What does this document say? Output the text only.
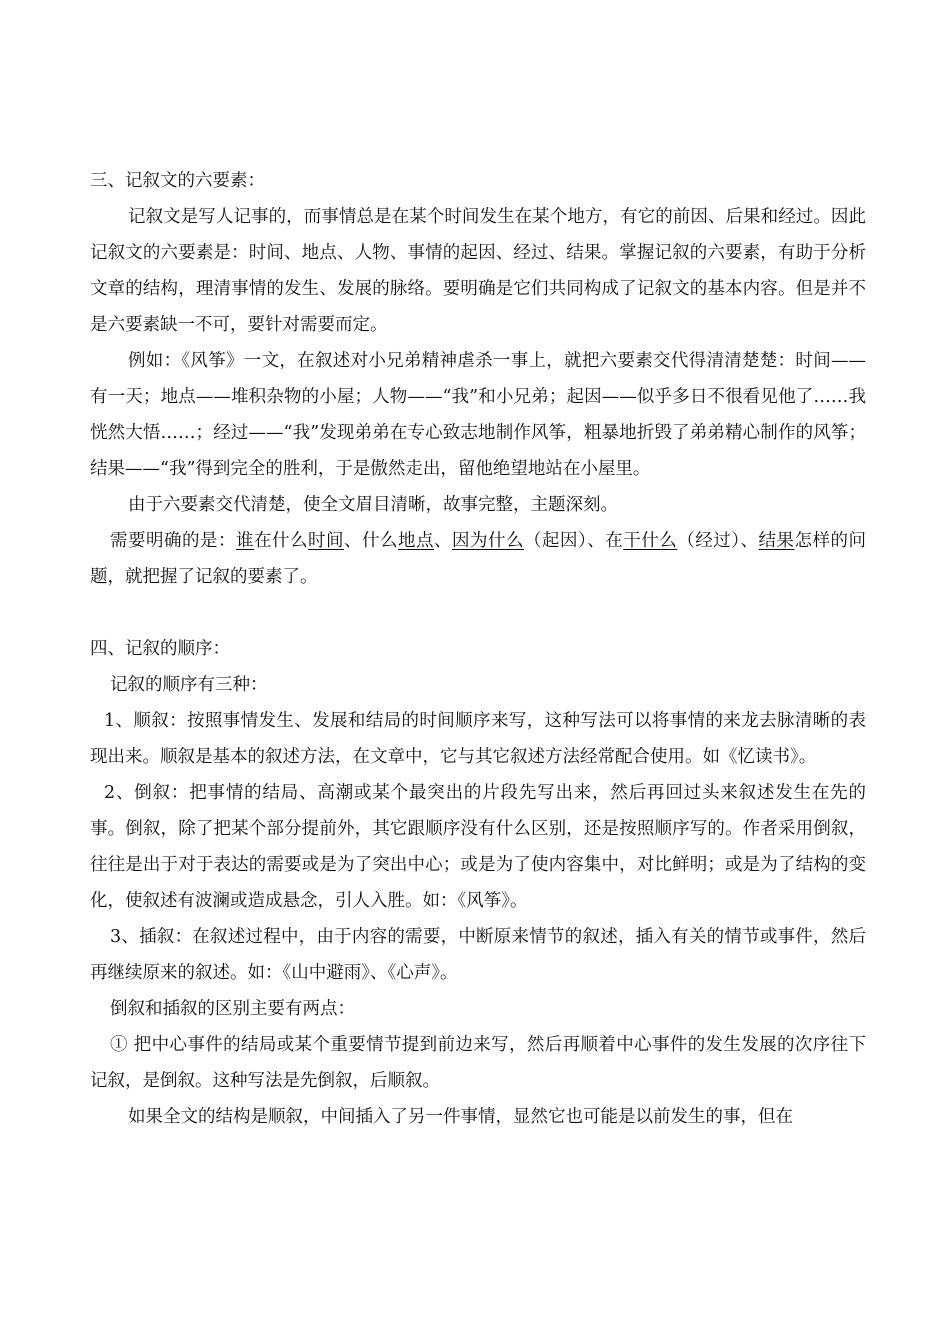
三、记叙文的六要素：

记叙文是写人记事的，而事情总是在某个时间发生在某个地方，有它的前因、后果和经过。因此记叙文的六要素是：时间、地点、人物、事情的起因、经过、结果。掌握记叙的六要素，有助于分析文章的结构，理清事情的发生、发展的脉络。要明确是它们共同构成了记叙文的基本内容。但是并不是六要素缺一不可，要针对需要而定。

例如：《风筝》一文，在叙述对小兄弟精神虐杀一事上，就把六要素交代得清清楚楚：时间——有一天；地点——堆积杂物的小屋；人物——“我”和小兄弟；起因——似乎多日不很看见他了……我恍然大悟……；经过——“我”发现弟弟在专心致志地制作风筝，粗暴地折毁了弟弟精心制作的风筝；结果——“我”得到完全的胜利，于是傲然走出，留他绝望地站在小屋里。

由于六要素交代清楚，使全文眉目清晰，故事完整，主题深刻。

需要明确的是：谁在什么时间、什么地点、因为什么（起因）、在干什么（经过）、结果怎样的问题，就把握了记叙的要素了。

四、记叙的顺序：

记叙的顺序有三种：

1、顺叙：按照事情发生、发展和结局的时间顺序来写，这种写法可以将事情的来龙去脉清晰的表现出来。顺叙是基本的叙述方法，在文章中，它与其它叙述方法经常配合使用。如《忆读书》。

2、倒叙：把事情的结局、高潮或某个最突出的片段先写出来，然后再回过头来叙述发生在先的事。倒叙，除了把某个部分提前外，其它跟顺序没有什么区别，还是按照顺序写的。作者采用倒叙，往往是出于对于表达的需要或是为了突出中心；或是为了使内容集中，对比鲜明；或是为了结构的变化，使叙述有波澜或造成悬念，引人入胜。如：《风筝》。

3、插叙：在叙述过程中，由于内容的需要，中断原来情节的叙述，插入有关的情节或事件，然后再继续原来的叙述。如：《山中避雨》、《心声》。

倒叙和插叙的区别主要有两点：

① 把中心事件的结局或某个重要情节提到前边来写，然后再顺着中心事件的发生发展的次序往下记叙，是倒叙。这种写法是先倒叙，后顺叙。

如果全文的结构是顺叙，中间插入了另一件事情，显然它也可能是以前发生的事，但在
